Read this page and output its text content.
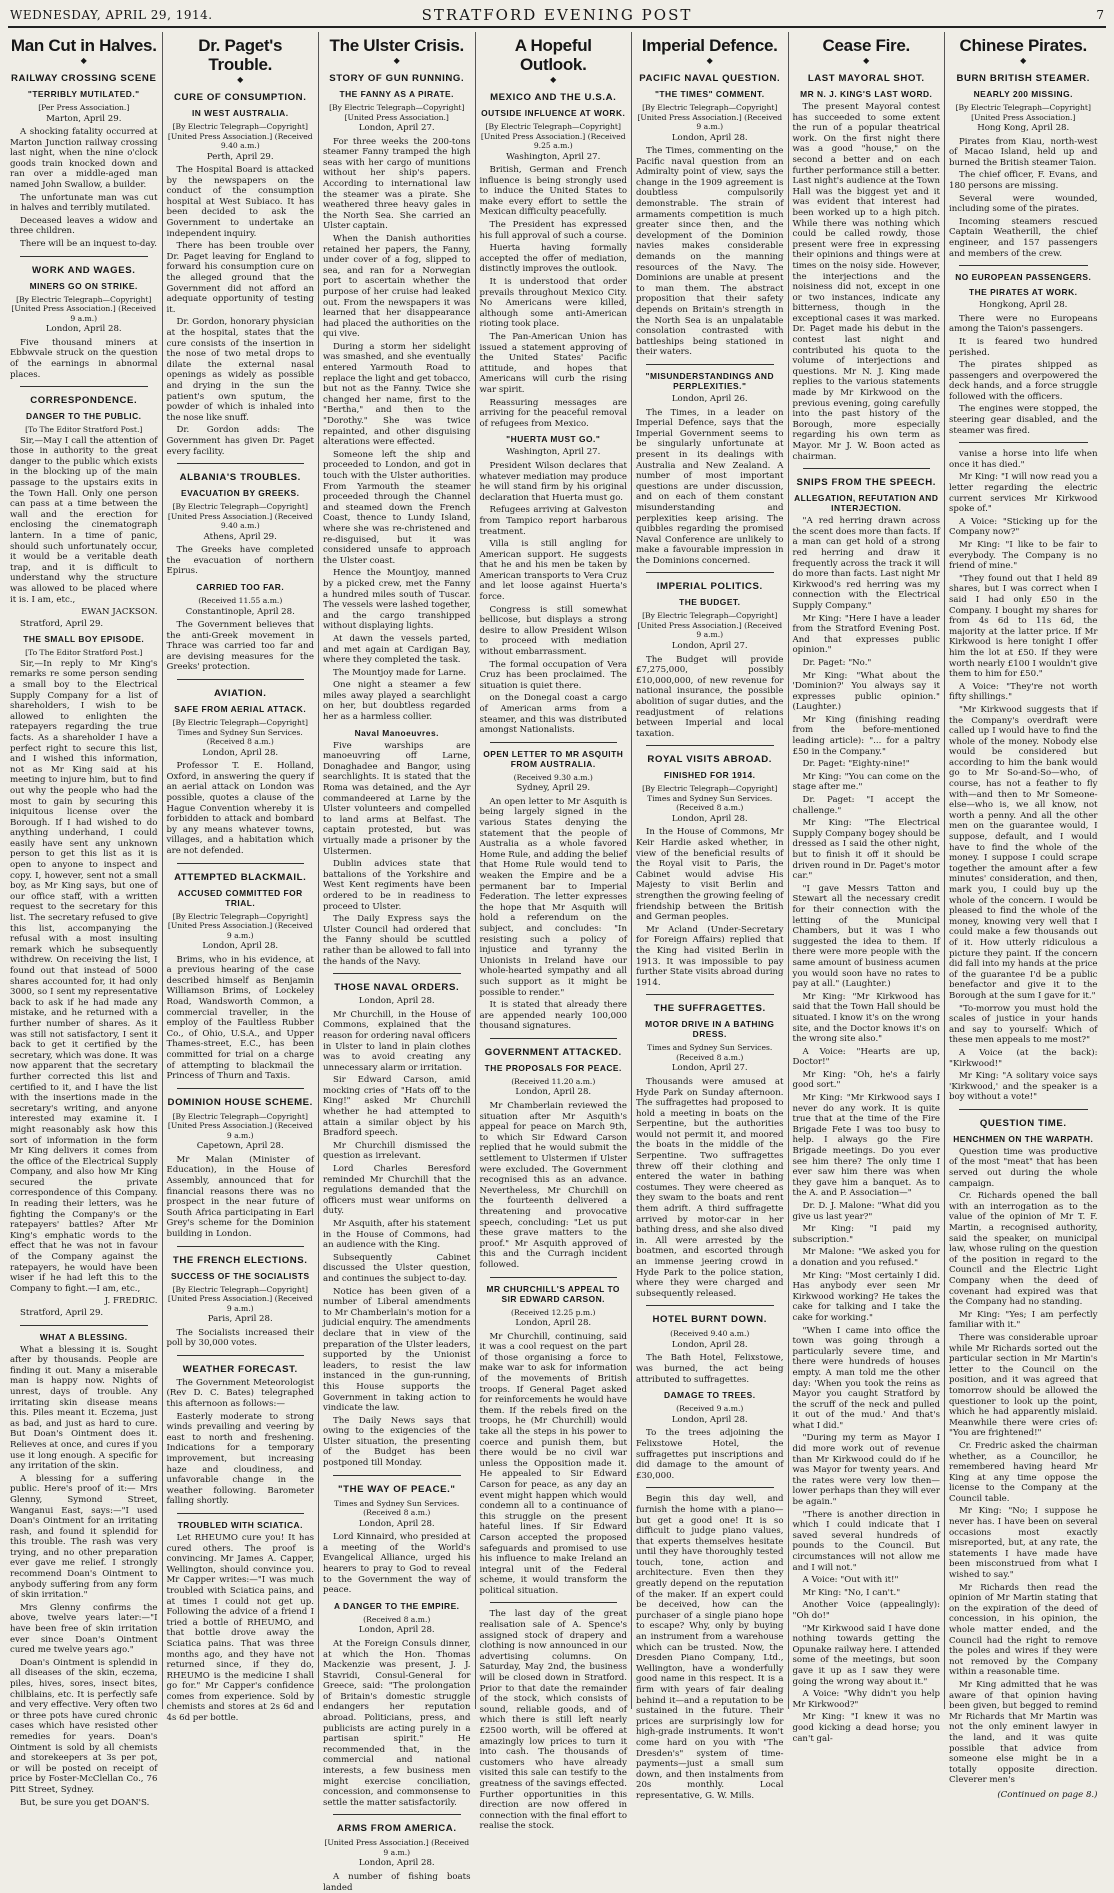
WEDNESDAY, APRIL 29, 1914.	STRATFORD EVENING POST	7
Man Cut in Halves.
◆
RAILWAY CROSSING SCENE
"TERRIBLY MUTILATED."
[Per Press Association.]
Marton, April 29.

A shocking fatality occurred at Marton Junction railway crossing last night, when the nine o'clock goods train knocked down and ran over a middle-aged man named John Swallow, a builder.

The unfortunate man was cut in halves and terribly mutilated.

Deceased leaves a widow and three children.

There will be an inquest to-day.

WORK AND WAGES.
MINERS GO ON STRIKE.
[By Electric Telegraph—Copyright] [United Press Association.] (Received 9 a.m.)
London, April 28.

Five thousand miners at Ebbwvale struck on the question of the earnings in abnormal places.

CORRESPONDENCE.
DANGER TO THE PUBLIC.
[To The Editor Stratford Post.]

Sir,—May I call the attention of those in authority to the great danger to the public which exists in the blocking up of the main passage to the upstairs exits in the Town Hall. Only one person can pass at a time between the wall and the erection for enclosing the cinematograph lantern. In a time of panic, should such unfortunately occur, it would be a veritable death trap, and it is difficult to understand why the structure was allowed to be placed where it is. I am, etc.,

EWAN JACKSON.

Stratford, April 29.

THE SMALL BOY EPISODE.
[To The Editor Stratford Post.]

Sir,—In reply to Mr King's remarks re some person sending a small boy to the Electrical Supply Company for a list of shareholders, I wish to be allowed to enlighten the ratepayers regarding the true facts. As a shareholder I have a perfect right to secure this list, and I wished this information, not as Mr King said at his meeting to injure him, but to find out why the people who had the most to gain by securing this iniquitous license over the Borough. If I had wished to do anything underhand, I could easily have sent any unknown person to get this list as it is open to anyone to inspect and copy. I, however, sent not a small boy, as Mr King says, but one of our office staff, with a written request to the secretary for this list. The secretary refused to give this list, accompanying the refusal with a most insulting remark which he subsequently withdrew. On receiving the list, I found out that instead of 5000 shares accounted for, it had only 3000, so I sent my representative back to ask if he had made any mistake, and he returned with a further number of shares. As it was still not satisfactory, I sent it back to get it certified by the secretary, which was done. It was now apparent that the secretary further corrected this list and certified to it, and I have the list with the insertions made in the secretary's writing, and anyone interested may examine it. I might reasonably ask how this sort of information in the form Mr King delivers it comes from the office of the Electrical Supply Company, and also how Mr King secured the private correspondence of this Company. In reading their letters, was he fighting the Company's or the ratepayers' battles? After Mr King's emphatic words to the effect that he was not in favour of the Company against the ratepayers, he would have been wiser if he had left this to the Company to fight.—I am, etc.,

J. FREDRIC.

Stratford, April 29.

WHAT A BLESSING.

What a blessing it is. Sought after by thousands. People are finding it out. Many a miserable man is happy now. Nights of unrest, days of trouble. Any irritating skin disease means this. Piles meant it. Eczema, just as bad, and just as hard to cure. But Doan's Ointment does it. Relieves at once, and cures if you use it long enough. A specific for any irritation of the skin.

A blessing for a suffering public. Here's proof of it:— Mrs Glenny, Symond Street, Wanganui East, says:—"I used Doan's Ointment for an irritating rash, and found it splendid for this trouble. The rash was very trying, and no other preparation ever gave me relief. I strongly recommend Doan's Ointment to anybody suffering from any form of skin irritation."

Mrs Glenny confirms the above, twelve years later:—"I have been free of skin irritation ever since Doan's Ointment cured me twelve years ago."

Doan's Ointment is splendid in all diseases of the skin, eczema, piles, hives, sores, insect bites, chilblains, etc. It is perfectly safe and very effective. Very often two or three pots have cured chronic cases which have resisted other remedies for years. Doan's Ointment is sold by all chemists and storekeepers at 3s per pot, or will be posted on receipt of price by Foster-McClellan Co., 76 Pitt Street, Sydney.

But, be sure you get DOAN'S.

Dr. Paget's Trouble.
◆
CURE OF CONSUMPTION.
IN WEST AUSTRALIA.
[By Electric Telegraph—Copyright] [United Press Association.] (Received 9.40 a.m.)
Perth, April 29.

The Hospital Board is attacked by the newspapers on the conduct of the consumption hospital at West Subiaco. It has been decided to ask the Government to undertake an independent inquiry.

There has been trouble over Dr. Paget leaving for England to forward his consumption cure on the alleged ground that the Government did not afford an adequate opportunity of testing it.

Dr. Gordon, honorary physician at the hospital, states that the cure consists of the insertion in the nose of two metal drops to dilate the external nasal openings as widely as possible and drying in the sun the patient's own sputum, the powder of which is inhaled into the nose like snuff.

Dr. Gordon adds: The Government has given Dr. Paget every facility.

ALBANIA'S TROUBLES.
EVACUATION BY GREEKS.
[By Electric Telegraph—Copyright] [United Press Association.] (Received 9.40 a.m.)
Athens, April 29.

The Greeks have completed the evacuation of northern Epirus.

CARRIED TOO FAR.
(Received 11.55 a.m.)
Constantinople, April 28.

The Government believes that the anti-Greek movement in Thrace was carried too far and are devising measures for the Greeks' protection.

AVIATION.
SAFE FROM AERIAL ATTACK.
[By Electric Telegraph—Copyright] Times and Sydney Sun Services. (Received 8 a.m.)
London, April 28.

Professor T. E. Holland, Oxford, in answering the query if an aerial attack on London was possible, quotes a clause of the Hague Convention whereby it is forbidden to attack and bombard by any means whatever towns, villages, and a habitation which are not defended.

ATTEMPTED BLACKMAIL.
ACCUSED COMMITTED FOR TRIAL.
[By Electric Telegraph—Copyright] [United Press Association.] (Received 9 a.m.)
London, April 28.

Brims, who in his evidence, at a previous hearing of the case described himself as Benjamin Williamson Brims, of Lockeley Road, Wandsworth Common, a commercial traveller, in the employ of the Faultless Rubber Co., of Ohio, U.S.A., and Upper Thames-street, E.C., has been committed for trial on a charge of attempting to blackmail the Princess of Thurn and Taxis.

DOMINION HOUSE SCHEME.
[By Electric Telegraph—Copyright] [United Press Association.] (Received 9 a.m.)
Capetown, April 28.

Mr Malan (Minister of Education), in the House of Assembly, announced that for financial reasons there was no prospect in the near future of South Africa participating in Earl Grey's scheme for the Dominion building in London.

THE FRENCH ELECTIONS.
SUCCESS OF THE SOCIALISTS
[By Electric Telegraph—Copyright] [United Press Association.] (Received 9 a.m.)
Paris, April 28.

The Socialists increased their poll by 30,000 votes.

WEATHER FORECAST.

The Government Meteorologist (Rev D. C. Bates) telegraphed this afternoon as follows:—

Easterly moderate to strong winds prevailing and veering by east to north and freshening. Indications for a temporary improvement, but increasing haze and cloudiness, and unfavorable change in the weather following. Barometer falling shortly.

TROUBLED WITH SCIATICA.

Let RHEUMO cure you! It has cured others. The proof is convincing. Mr James A. Capper, Wellington, should convince you. Mr Capper writes:—"I was much troubled with Sciatica pains, and at times I could not get up. Following the advice of a friend I tried a bottle of RHEUMO, and that bottle drove away the Sciatica pains. That was three months ago, and they have not returned since, if they do, RHEUMO is the medicine I shall go for." Mr Capper's confidence comes from experience. Sold by chemists and stores at 2s 6d and 4s 6d per bottle.

The Ulster Crisis.
◆
STORY OF GUN RUNNING.
THE FANNY AS A PIRATE.
[By Electric Telegraph—Copyright] [United Press Association.]
London, April 27.

For three weeks the 200-tons steamer Fanny tramped the high seas with her cargo of munitions without her ship's papers. According to international law the steamer was a pirate. She weathered three heavy gales in the North Sea. She carried an Ulster captain.

When the Danish authorities retained her papers, the Fanny, under cover of a fog, slipped to sea, and ran for a Norwegian port to ascertain whether the purpose of her cruise had leaked out. From the newspapers it was learned that her disappearance had placed the authorities on the qui vive.

During a storm her sidelight was smashed, and she eventually entered Yarmouth Road to replace the light and get tobacco, but not as the Fanny. Twice she changed her name, first to the "Bertha," and then to the "Dorothy." She was twice repainted, and other disguising alterations were effected.

Someone left the ship and proceeded to London, and got in touch with the Ulster authorities. From Yarmouth the steamer proceeded through the Channel and steamed down the French Coast, thence to Lundy Island, where she was re-christened and re-disguised, but it was considered unsafe to approach the Ulster coast.

Hence the Mountjoy, manned by a picked crew, met the Fanny a hundred miles south of Tuscar. The vessels were lashed together, and the cargo transhipped without displaying lights.

At dawn the vessels parted, and met again at Cardigan Bay, where they completed the task.

The Mountjoy made for Larne.

One night a steamer a few miles away played a searchlight on her, but doubtless regarded her as a harmless collier.

Naval Manoeuvres.

Five warships are manoeuvring off Larne, Donaghadee and Bangor, using searchlights. It is stated that the Roma was detained, and the Ayr commandeered at Larne by the Ulster volunteers and compelled to land arms at Belfast. The captain protested, but was virtually made a prisoner by the Ulstermen.

Dublin advices state that battalions of the Yorkshire and West Kent regiments have been ordered to be in readiness to proceed to Ulster.

The Daily Express says the Ulster Council had ordered that the Fanny should be scuttled rather than be allowed to fall into the hands of the Navy.

THOSE NAVAL ORDERS.
London, April 28.

Mr Churchill, in the House of Commons, explained that the reason for ordering naval officers in Ulster to land in plain clothes was to avoid creating any unnecessary alarm or irritation.

Sir Edward Carson, amid mocking cries of "Hats off to the King!" asked Mr Churchill whether he had attempted to attain a similar object by his Bradford speech.

Mr Churchill dismissed the question as irrelevant.

Lord Charles Beresford reminded Mr Churchill that the regulations demanded that the officers must wear uniforms on duty.

Mr Asquith, after his statement in the House of Commons, had an audience with the King.

Subsequently Cabinet discussed the Ulster question, and continues the subject to-day.

Notice has been given of a number of Liberal amendments to Mr Chamberlain's motion for a judicial enquiry. The amendments declare that in view of the preparation of the Ulster leaders, supported by the Unionist leaders, to resist the law instanced in the gun-running, this House supports the Government in taking action to vindicate the law.

The Daily News says that owing to the exigencies of the Ulster situation, the presenting of the Budget has been postponed till Monday.

"THE WAY OF PEACE."
Times and Sydney Sun Services. (Received 8 a.m.)
London, April 28.

Lord Kinnaird, who presided at a meeting of the World's Evangelical Alliance, urged his hearers to pray to God to reveal to the Government the way of peace.

A DANGER TO THE EMPIRE.
(Received 8 a.m.)
London, April 28.

At the Foreign Consuls dinner, at which the Hon. Thomas Mackenzie was present, J. J. Stavridi, Consul-General for Greece, said: "The prolongation of Britain's domestic struggle endangers her reputation abroad. Politicians, press, and publicists are acting purely in a partisan spirit." He recommended that, in the commercial and national interests, a few business men might exercise conciliation, concession, and commonsense to settle the matter satisfactorily.

ARMS FROM AMERICA.
[United Press Association.] (Received 9 a.m.)
London, April 28.

A number of fishing boats landed

A Hopeful Outlook.
◆
MEXICO AND THE U.S.A.
OUTSIDE INFLUENCE AT WORK.
[By Electric Telegraph—Copyright] [United Press Association.] (Received 9.25 a.m.)
Washington, April 27.

British, German and French influence is being strongly used to induce the United States to make every effort to settle the Mexican difficulty peacefully.

The President has expressed his full approval of such a course.

Huerta having formally accepted the offer of mediation, distinctly improves the outlook.

It is understood that order prevails throughout Mexico City. No Americans were killed, although some anti-American rioting took place.

The Pan-American Union has issued a statement approving of the United States' Pacific attitude, and hopes that Americans will curb the rising war spirit.

Reassuring messages are arriving for the peaceful removal of refugees from Mexico.

"HUERTA MUST GO."
Washington, April 27.

President Wilson declares that whatever mediation may produce he will stand firm by his original declaration that Huerta must go.

Refugees arriving at Galveston from Tampico report harbarous treatment.

Villa is still angling for American support. He suggests that he and his men be taken by American transports to Vera Cruz and let loose against Huerta's force.

Congress is still somewhat bellicose, but displays a strong desire to allow President Wilson to proceed with mediation without embarrassment.

The formal occupation of Vera Cruz has been proclaimed. The situation is quiet there.

on the Donegal coast a cargo of American arms from a steamer, and this was distributed amongst Nationalists.

OPEN LETTER TO MR ASQUITH FROM AUSTRALIA.
(Received 9.30 a.m.)
Sydney, April 29.

An open letter to Mr Asquith is being largely signed in the various States denying the statement that the people of Australia as a whole favored Home Rule, and adding the belief that Home Rule would tend to weaken the Empire and be a permanent bar to Imperial Federation. The letter expresses the hope that Mr Asquith will hold a referendum on the subject, and concludes: "In resisting such a policy of injustice and tyranny the Unionists in Ireland have our whole-hearted sympathy and all such support as it might be possible to render."

It is stated that already there are appended nearly 100,000 thousand signatures.

GOVERNMENT ATTACKED.
THE PROPOSALS FOR PEACE.
(Received 11.20 a.m.)
London, April 28.

Mr Chamberlain reviewed the situation after Mr Asquith's appeal for peace on March 9th, to which Sir Edward Carson replied that he would submit the settlement to Ulstermen if Ulster were excluded. The Government recognised this as an advance. Nevertheless, Mr Churchill on the fourteenth delivered a threatening and provocative speech, concluding: "Let us put these grave matters to the proof." Mr Asquith approved of this and the Curragh incident followed.

MR CHURCHILL'S APPEAL TO SIR EDWARD CARSON.
(Received 12.25 p.m.)
London, April 28.

Mr Churchill, continuing, said it was a cool request on the part of those organising a force to make war to ask for information of the movements of British troops. If General Paget asked for reinforcements he would have them. If the rebels fired on the troops, he (Mr Churchill) would take all the steps in his power to coerce and punish them, but there would be no civil war unless the Opposition made it. He appealed to Sir Edward Carson for peace, as any day an event might happen which would condemn all to a continuance of this struggle on the present hateful lines. If Sir Edward Carson accepted the proposed safeguards and promised to use his influence to make Ireland an integral unit of the Federal scheme, it would transform the political situation.

The last day of the great realisation sale of A. Spence's assigned stock of drapery and clothing is now announced in our advertising columns. On Saturday, May 2nd, the business will be closed down in Stratford. Prior to that date the remainder of the stock, which consists of sound, reliable goods, and of which there is still left nearly £2500 worth, will be offered at amazingly low prices to turn it into cash. The thousands of customers who have already visited this sale can testify to the greatness of the savings effected. Further opportunities in this direction are now offered in connection with the final effort to realise the stock.

Imperial Defence.
◆
PACIFIC NAVAL QUESTION.
"THE TIMES" COMMENT.
[By Electric Telegraph—Copyright] [United Press Association.] (Received 9 a.m.)
London, April 28.

The Times, commenting on the Pacific naval question from an Admiralty point of view, says the change in the 1909 agreement is doubtless compulsorily demonstrable. The strain of armaments competition is much greater since then, and the development of the Dominion navies makes considerable demands on the manning resources of the Navy. The Dominions are unable at present to man them. The abstract proposition that their safety depends on Britain's strength in the North Sea is an unpalatable consolation contrasted with battleships being stationed in their waters.

"MISUNDERSTANDINGS AND PERPLEXITIES."
London, April 26.

The Times, in a leader on Imperial Defence, says that the Imperial Government seems to be singularly unfortunate at present in its dealings with Australia and New Zealand. A number of most important questions are under discussion, and on each of them constant misunderstanding and perplexities keep arising. The quibbles regarding the promised Naval Conference are unlikely to make a favourable impression in the Dominions concerned.

IMPERIAL POLITICS.
THE BUDGET.
[By Electric Telegraph—Copyright] [United Press Association.] (Received 9 a.m.)
London, April 27.

The Budget will provide £7,275,000, possibly £10,000,000, of new revenue for national insurance, the possible abolition of sugar duties, and the readjustment of relations between Imperial and local taxation.

ROYAL VISITS ABROAD.
FINISHED FOR 1914.
[By Electric Telegraph—Copyright] Times and Sydney Sun Services. (Received 8 a.m.)
London, April 28.

In the House of Commons, Mr Keir Hardie asked whether, in view of the beneficial results of the Royal visit to Paris, the Cabinet would advise His Majesty to visit Berlin and strengthen the growing feeling of friendship between the British and German peoples.

Mr Acland (Under-Secretary for Foreign Affairs) replied that the King had visited Berlin in 1913. It was impossible to pay further State visits abroad during 1914.

THE SUFFRAGETTES.
MOTOR DRIVE IN A BATHING DRESS.
Times and Sydney Sun Services. (Received 8 a.m.)
London, April 27.

Thousands were amused at Hyde Park on Sunday afternoon. The suffragettes had proposed to hold a meeting in boats on the Serpentine, but the authorities would not permit it, and moored the boats in the middle of the Serpentine. Two suffragettes threw off their clothing and entered the water in bathing costumes. They were cheered as they swam to the boats and rent them adrift. A third suffragette arrived by motor-car in her bathing dress, and she also dived in. All were arrested by the boatmen, and escorted through an immense jeering crowd in Hyde Park to the police station, where they were charged and subsequently released.

HOTEL BURNT DOWN.
(Received 9.40 a.m.)
London, April 28.

The Bath Hotel, Felixstowe, was burned, the act being attributed to suffragettes.

DAMAGE TO TREES.
(Received 9 a.m.)
London, April 28.

To the trees adjoining the Felixstowe Hotel, the suffragettes put inscriptions and did damage to the amount of £30,000.

Begin this day well, and furnish the home with a piano—but get a good one! It is so difficult to judge piano values, that experts themselves hesitate until they have thoroughly tested touch, tone, action and architecture. Even then they greatly depend on the reputation of the maker. If an expert could be deceived, how can the purchaser of a single piano hope to escape? Why, only by buying an instrument from a warehouse which can be trusted. Now, the Dresden Piano Company, Ltd., Wellington, have a wonderfully good name in this respect. It is a firm with years of fair dealing behind it—and a reputation to be sustained in the future. Their prices are surprisingly low for high-grade instruments. It won't come hard on you with "The Dresden's" system of time-payments—just a small sum down, and then instalments from 20s monthly. Local representative, G. W. Mills.

Cease Fire.
◆
LAST MAYORAL SHOT.
MR N. J. KING'S LAST WORD.

The present Mayoral contest has succeeded to some extent the run of a popular theatrical work. On the first night there was a good "house," on the second a better and on each further performance still a better. Last night's audience at the Town Hall was the biggest yet and it was evident that interest had been worked up to a high pitch. While there was nothing which could be called rowdy, those present were free in expressing their opinions and things were at times on the noisy side. However, the interjections and the noisiness did not, except in one or two instances, indicate any bitterness, though in the exceptional cases it was marked. Dr. Paget made his debut in the contest last night and contributed his quota to the volume of interjections and questions. Mr N. J. King made replies to the various statements made by Mr Kirkwood on the previous evening, going carefully into the past history of the Borough, more especially regarding his own term as Mayor. Mr J. W. Boon acted as chairman.

SNIPS FROM THE SPEECH.
ALLEGATION, REFUTATION AND INTERJECTION.

"A red herring drawn across the scent does more than facts. If a man can get hold of a strong red herring and draw it frequently across the track it will do more than facts. Last night Mr Kirkwood's red herring was my connection with the Electrical Supply Company."

Mr King: "Here I have a leader from the Stratford Evening Post. And that expresses public opinion."

Dr. Paget: "No."

Mr King: "What about the 'Dominion?' You always say it expresses public opinion." (Laughter.)

Mr King (finishing reading from the before-mentioned leading article): "... for a paltry £50 in the Company."

Dr. Paget: "Eighty-nine!"

Mr King: "You can come on the stage after me."

Dr. Paget: "I accept the challenge."

Mr King: "The Electrical Supply Company bogey should be dressed as I said the other night, but to finish it off it should be driven round in Dr. Paget's motor car."

"I gave Messrs Tatton and Stewart all the necessary credit for their connection with the letting of the Municipal Chambers, but it was I who suggested the idea to them. If there were more people with the same amount of business acumen you would soon have no rates to pay at all." (Laughter.)

Mr King: "Mr Kirkwood has said that the Town Hall should be situated. I know it's on the wrong site, and the Doctor knows it's on the wrong site also."

A Voice: "Hearts are up, Doctor!"

Mr King: "Oh, he's a fairly good sort."

Mr King: "Mr Kirkwood says I never do any work. It is quite true that at the time of the Fire Brigade Fete I was too busy to help. I always go the Fire Brigade meetings. Do you ever see him there? The only time I ever saw him there was when they gave him a banquet. As to the A. and P. Association—"

Dr. D. J. Malone: "What did you give us last year?"

Mr King: "I paid my subscription."

Mr Malone: "We asked you for a donation and you refused."

Mr King: "Most certainly I did. Has anybody ever seen Mr Kirkwood working? He takes the cake for talking and I take the cake for working."

"When I came into office the town was going through a particularly severe time, and there were hundreds of houses empty. A man told me the other day: 'When you took the reins as Mayor you caught Stratford by the scruff of the neck and pulled it out of the mud.' And that's what I did."

"During my term as Mayor I did more work out of revenue than Mr Kirkwood could do if he was Mayor for twenty years. And the rates were very low then—lower perhaps than they will ever be again."

"There is another direction in which I could indicate that I saved several hundreds of pounds to the Council. But circumstances will not allow me and I will not."

A Voice: "Out with it!"

Mr King: "No, I can't."

Another Voice (appealingly): "Oh do!"

"Mr Kirkwood said I have done nothing towards getting the Opunake railway here. I attended some of the meetings, but soon gave it up as I saw they were going the wrong way about it."

A Voice: "Why didn't you help Mr Kirkwood?"

Mr King: "I knew it was no good kicking a dead horse; you can't gal-

Chinese Pirates.
◆
BURN BRITISH STEAMER.
NEARLY 200 MISSING.
[By Electric Telegraph—Copyright] [United Press Association.]
Hong Kong, April 28.

Pirates from Kiau, north-west of Macao Island, held up and burned the British steamer Taion.

The chief officer, F. Evans, and 180 persons are missing.

Several were wounded, including some of the pirates.

Incoming steamers rescued Captain Weatherill, the chief engineer, and 157 passengers and members of the crew.

NO EUROPEAN PASSENGERS.
THE PIRATES AT WORK.
Hongkong, April 28.

There were no Europeans among the Taion's passengers.

It is feared two hundred perished.

The pirates shipped as passengers and overpowered the deck hands, and a force struggle followed with the officers.

The engines were stopped, the steering gear disabled, and the steamer was fired.

vanise a horse into life when once it has died."

Mr King: "I will now read you a letter regarding the electric current services Mr Kirkwood spoke of."

A Voice: "Sticking up for the Company now?"

Mr King: "I like to be fair to everybody. The Company is no friend of mine."

"They found out that I held 89 shares, but I was correct when I said I had only £50 in the Company. I bought my shares for from 4s 6d to 11s 6d, the majority at the latter price. If Mr Kirkwood is here tonight I offer him the lot at £50. If they were worth nearly £100 I wouldn't give them to him for £50."

A Voice: "They're not worth fifty shillings."

"Mr Kirkwood suggests that if the Company's overdraft were called up I would have to find the whole of the money. Nobody else would be considered but according to him the bank would go to Mr So-and-So—who, of course, has not a feather to fly with—and then to Mr Someone-else—who is, we all know, not worth a penny. And all the other men on the guarantee would, I suppose, default, and I would have to find the whole of the money. I suppose I could scrape together the amount after a few minutes' consideration, and then, mark you, I could buy up the whole of the concern. I would be pleased to find the whole of the money, knowing very well that I could make a few thousands out of it. How utterly ridiculous a picture they paint. If the concern did fall into my hands at the price of the guarantee I'd be a public benefactor and give it to the Borough at the sum I gave for it."

"To-morrow you must hold the scales of justice in your hands and say to yourself: Which of these men appeals to me most?"

A Voice (at the back): "Kirkwood!"

Mr King: "A solitary voice says 'Kirkwood,' and the speaker is a boy without a vote!"

QUESTION TIME.
HENCHMEN ON THE WARPATH.

Question time was productive of the most "meat" that has been served out during the whole campaign.

Cr. Richards opened the ball with an interrogation as to the value of the opinion of Mr T. F. Martin, a recognised authority, said the speaker, on municipal law, whose ruling on the question of the position in regard to the Council and the Electric Light Company when the deed of covenant had expired was that the Company had no standing.

Mr King: "Yes; I am perfectly familiar with it."

There was considerable uproar while Mr Richards sorted out the particular section in Mr Martin's letter to the Council on the position, and it was agreed that tomorrow should be allowed the questioner to look up the point, which he had apparently mislaid. Meanwhile there were cries of: "You are frightened!"

Cr. Fredric asked the chairman whether, as a Councillor, he remembered having heard Mr King at any time oppose the license to the Company at the Council table.

Mr King: "No; I suppose he never has. I have been on several occasions most exactly misreported, but, at any rate, the statements I have made have been misconstrued from what I wished to say."

Mr Richards then read the opinion of Mr Martin stating that on the expiration of the deed of concession, in his opinion, the whole matter ended, and the Council had the right to remove the poles and wires if they were not removed by the Company within a reasonable time.

Mr King admitted that he was aware of that opinion having been given, but begged to remind Mr Richards that Mr Martin was not the only eminent lawyer in the land, and it was quite possible that advice from someone else might be in a totally opposite direction. Cleverer men's

(Continued on page 8.)
